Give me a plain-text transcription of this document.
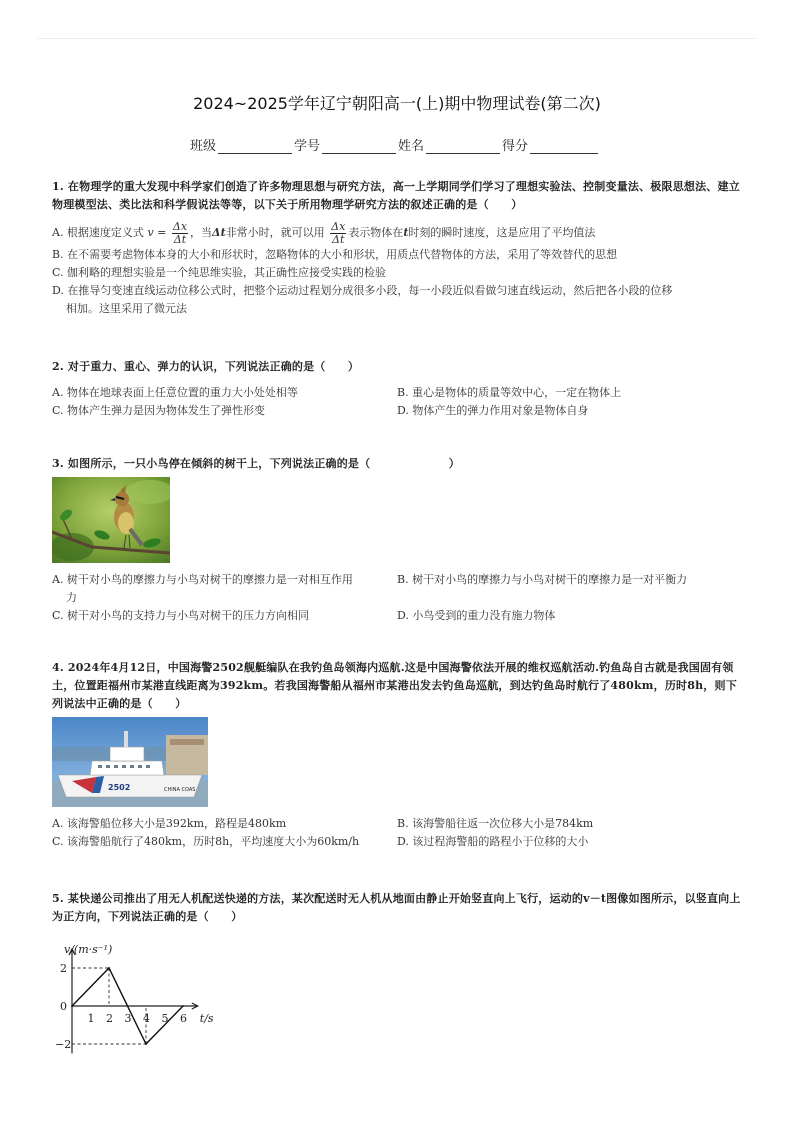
2024~2025学年辽宁朝阳高一(上)期中物理试卷(第二次)
班级	学号	姓名	得分
1. 在物理学的重大发现中科学家们创造了许多物理思想与研究方法，高一上学期同学们学习了理想实验法、控制变量法、极限思想法、建立物理模型法、类比法和科学假说法等等，以下关于所用物理学研究方法的叙述正确的是（　　）
A. 根据速度定义式 $v = \frac{\Delta x}{\Delta t}$ ，当Δt非常小时，就可以用 $\frac{\Delta x}{\Delta t}$ 表示物体在t时刻的瞬时速度，这是应用了平均值法
B. 在不需要考虑物体本身的大小和形状时，忽略物体的大小和形状，用质点代替物体的方法，采用了等效替代的思想
C. 伽利略的理想实验是一个纯思维实验，其正确性应接受实践的检验
D. 在推导匀变速直线运动位移公式时，把整个运动过程划分成很多小段，每一小段近似看做匀速直线运动，然后把各小段的位移
相加。这里采用了微元法
2. 对于重力、重心、弹力的认识，下列说法正确的是（　　）
A. 物体在地球表面上任意位置的重力大小处处相等	B. 重心是物体的质量等效中心，一定在物体上
C. 物体产生弹力是因为物体发生了弹性形变	D. 物体产生的弹力作用对象是物体自身
3. 如图所示，一只小鸟停在倾斜的树干上，下列说法正确的是（　　　　　　　）
A. 树干对小鸟的摩擦力与小鸟对树干的摩擦力是一对相互作用
力
B. 树干对小鸟的摩擦力与小鸟对树干的摩擦力是一对平衡力
C. 树干对小鸟的支持力与小鸟对树干的压力方向相同	D. 小鸟受到的重力没有施力物体
4. 2024年4月12日，中国海警2502舰艇编队在我钓鱼岛领海内巡航.这是中国海警依法开展的维权巡航活动.钓鱼岛自古就是我国固有领土，位置距福州市某港直线距离为392km。若我国海警船从福州市某港出发去钓鱼岛巡航，到达钓鱼岛时航行了480km，历时8h，则下列说法中正确的是（　　）
2502	CHINA COAS
A. 该海警船位移大小是392km，路程是480km	B. 该海警船往返一次位移大小是784km
C. 该海警船航行了480km，历时8h，平均速度大小为60km/h	D. 该过程海警船的路程小于位移的大小
5. 某快递公司推出了用无人机配送快递的方法，某次配送时无人机从地面由静止开始竖直向上飞行，运动的v－t图像如图所示，以竖直向上为正方向，下列说法正确的是（　　）
v/(m·s⁻¹)
t/s
0
2
−2
1 2 3 4 5 6
